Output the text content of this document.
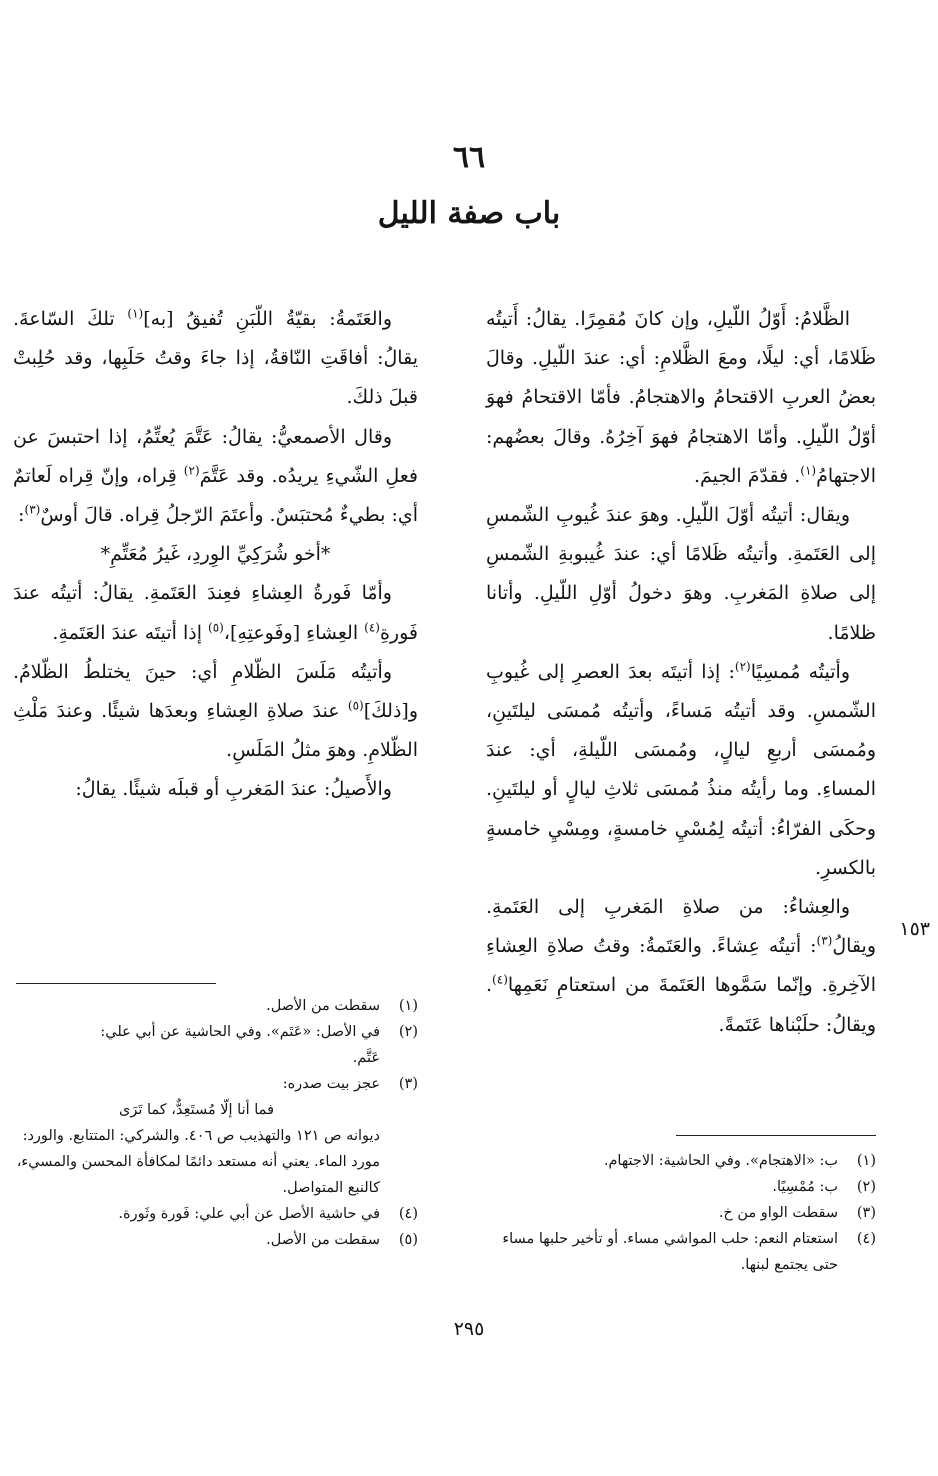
٦٦
باب صفة الليل

الظَّلامُ: أَوّلُ اللّيلِ، وإن كانَ مُقمِرًا. يقالُ: أَتيتُه ظَلامًا، أي: ليلًا، ومعَ الظَّلامِ: أي: عندَ اللّيلِ. وقالَ بعضُ العربِ الاقتحامُ والاهتجامُ. فأمّا الاقتحامُ فهوَ أوّلُ اللّيلِ. وأمّا الاهتجامُ فهوَ آخِرُهُ. وقالَ بعضُهم: الاجتهامُ$^{(١)}$. فقدّمَ الجيمَ.

ويقال: أتيتُه أوّلَ اللّيلِ. وهوَ عندَ غُيوبِ الشّمسِ إلى العَتَمةِ. وأتيتُه ظَلامًا أي: عندَ غُيبوبةِ الشّمسِ إلى صلاةِ المَغربِ. وهوَ دخولُ أوّلِ اللّيلِ. وأتانا ظلامًا.

وأتيتُه مُمسِيًا$^{(٢)}$: إذا أتيتَه بعدَ العصرِ إلى غُيوبِ الشّمسِ. وقد أتيتُه مَساءً، وأتيتُه مُمسَى ليلتَينِ، ومُمسَى أربعِ ليالٍ، ومُمسَى اللّيلةِ، أي: عندَ المساءِ. وما رأيتُه منذُ مُمسَى ثلاثِ ليالٍ أو ليلتَينِ. وحكَى الفرّاءُ: أتيتُه لِمُسْيِ خامسةٍ، ومِسْيِ خامسةٍ بالكسرِ.

والعِشاءُ: من صلاةِ المَغربِ إلى العَتَمةِ. ويقالُ$^{(٣)}$: أتيتُه عِشاءً. والعَتَمةُ: وقتُ صلاةِ العِشاءِ الآخِرةِ. وإنّما سَمَّوها العَتَمةَ من استعتامِ نَعَمِها$^{(٤)}$. ويقالُ: حلَبْناها عَتَمةً.

والعَتَمةُ: بقيّةُ اللّبَنِ تُفيقُ [به]$^{(١)}$ تلكَ السّاعةَ. يقالُ: أفاقَتِ النّاقةُ، إذا جاءَ وقتُ حَلَبِها، وقد حُلِبتْ قبلَ ذلكَ.

وقال الأصمعيُّ: يقالُ: عَتَّمَ يُعتِّمُ، إذا احتبسَ عن فعلِ الشّيءِ يريدُه. وقد عَتَّمَ$^{(٢)}$ قِراه، وإنّ قِراه لَعاتمٌ أي: بطيءٌ مُحتبَسٌ. وأعتَمَ الرّجلُ قِراه. قالَ أوسٌ$^{(٣)}$:

*أخو شُرَكِيِّ الوِردِ، غَيرُ مُعَتِّمِ*

وأمّا فَورةُ العِشاءِ فعِندَ العَتَمةِ. يقالُ: أتيتُه عندَ فَورةِ$^{(٤)}$ العِشاءِ [وفَوعتِهِ]،$^{(٥)}$ إذا أتيتَه عندَ العَتَمةِ.

وأتيتُه مَلَسَ الظّلامِ أي: حينَ يختلطُ الظّلامُ. و[ذلكَ]$^{(٥)}$ عندَ صلاةِ العِشاءِ وبعدَها شيئًا. وعندَ مَلْثِ الظّلامِ. وهوَ مثلُ المَلَسِ.

والأَصيلُ: عندَ المَغربِ أو قبلَه شيئًا. يقالُ:

١٥٣
(١)
سقطت من الأصل.
(٢)
في الأصل: «عَتَم». وفي الحاشية عن أبي علي:
عَتَّم.
(٣)
عجز بيت صدره:
فما أنا إلّا مُستَعِدٌّ، كما تَرَى
ديوانه ص ١٢١ والتهذيب ص ٤٠٦. والشركي: المتتابع. والورد: مورد الماء. يعني أنه مستعد دائمًا لمكافأة المحسن والمسيء، كالنبع المتواصل.
(٤)
في حاشية الأصل عن أبي علي: فَورة وثَورة.
(٥)
سقطت من الأصل.
(١)
ب: «الاهتجام». وفي الحاشية: الاجتهام.
(٢)
ب: مُمْسِيًا.
(٣)
سقطت الواو من خ.
(٤)
استعتام النعم: حلب المواشي مساء. أو تأخير حلبها مساء حتى يجتمع لبنها.
٢٩٥
